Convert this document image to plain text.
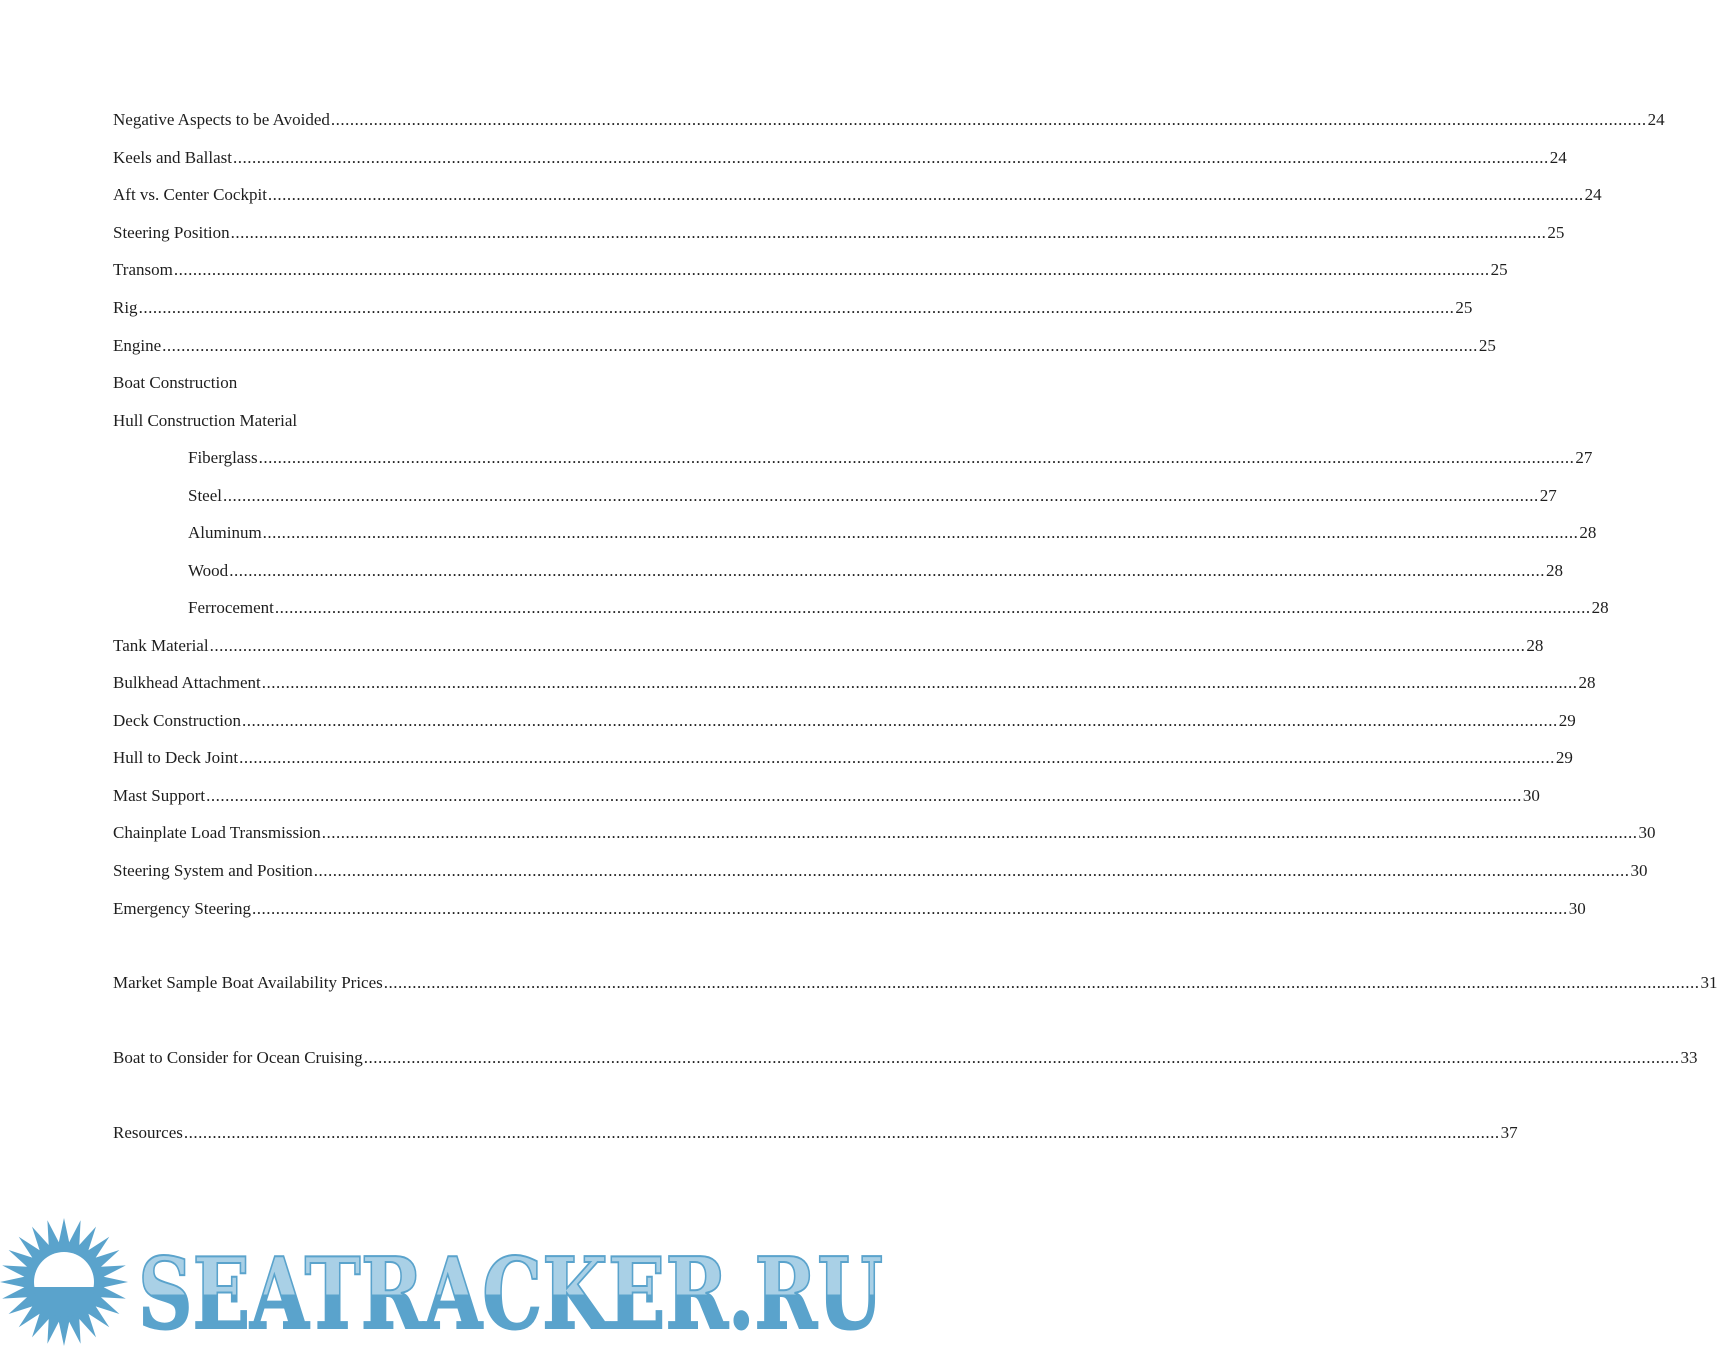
Negative Aspects to be Avoided .....	24
Keels and Ballast .....	24
Aft vs. Center Cockpit .....	24
Steering Position .....	25
Transom .....	25
Rig .....	25
Engine .....	25
Boat Construction
Hull Construction Material
Fiberglass .....	27
Steel .....	27
Aluminum .....	28
Wood .....	28
Ferrocement .....	28
Tank Material .....	28
Bulkhead Attachment .....	28
Deck Construction .....	29
Hull to Deck Joint .....	29
Mast Support .....	30
Chainplate Load Transmission .....	30
Steering System and Position .....	30
Emergency Steering .....	30
Market Sample Boat Availability Prices .....	31
Boat to Consider for Ocean Cruising .....	33
Resources .....	37
SEATRACKER.RU
